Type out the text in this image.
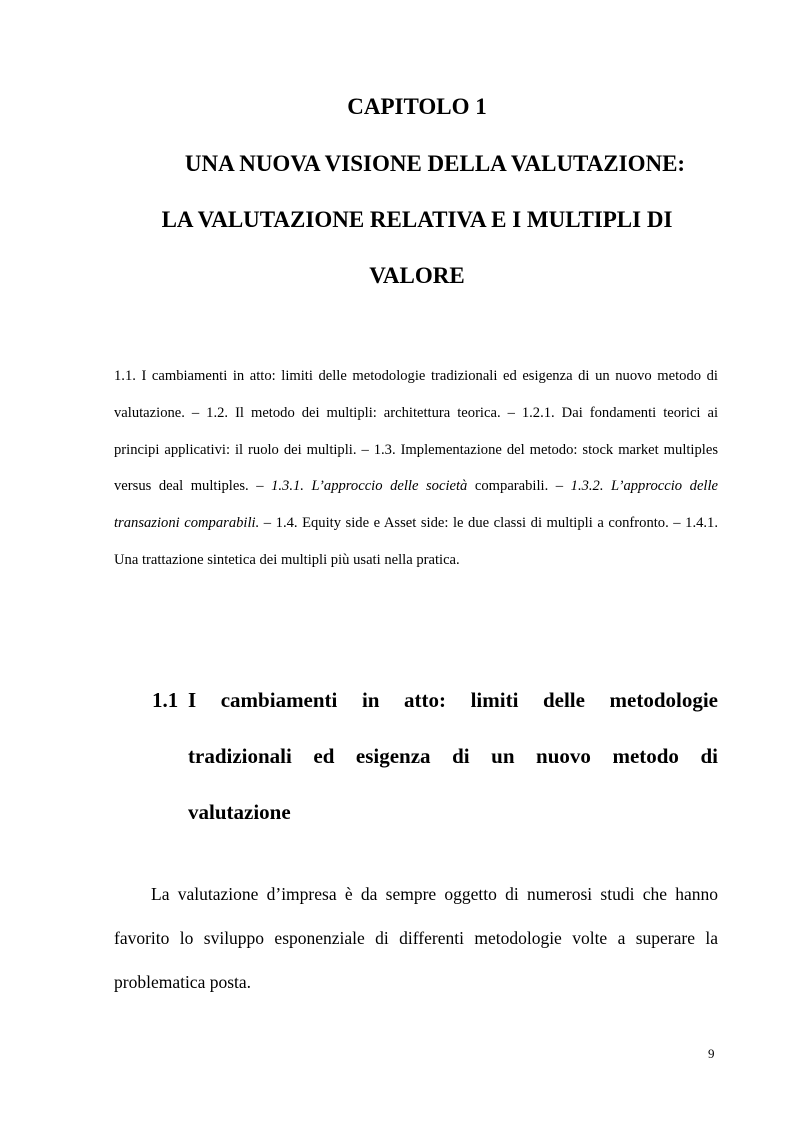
CAPITOLO 1
UNA NUOVA VISIONE DELLA VALUTAZIONE:
LA VALUTAZIONE RELATIVA E I MULTIPLI DI
VALORE

1.1. I cambiamenti in atto: limiti delle metodologie tradizionali ed esigenza di un nuovo metodo di valutazione. – 1.2. Il metodo dei multipli: architettura teorica. – 1.2.1. Dai fondamenti teorici ai principi applicativi: il ruolo dei multipli. – 1.3. Implementazione del metodo: stock market multiples versus deal multiples. – 1.3.1. L’approccio delle società comparabili. – 1.3.2. L’approccio delle transazioni comparabili. – 1.4. Equity side e Asset side: le due classi di multipli a confronto. – 1.4.1. Una trattazione sintetica dei multipli più usati nella pratica.

1.1 I cambiamenti in atto: limiti delle metodologie
tradizionali ed esigenza di un nuovo metodo di
valutazione

La valutazione d’impresa è da sempre oggetto di numerosi studi che hanno favorito lo sviluppo esponenziale di differenti metodologie volte a superare la problematica posta.

9
